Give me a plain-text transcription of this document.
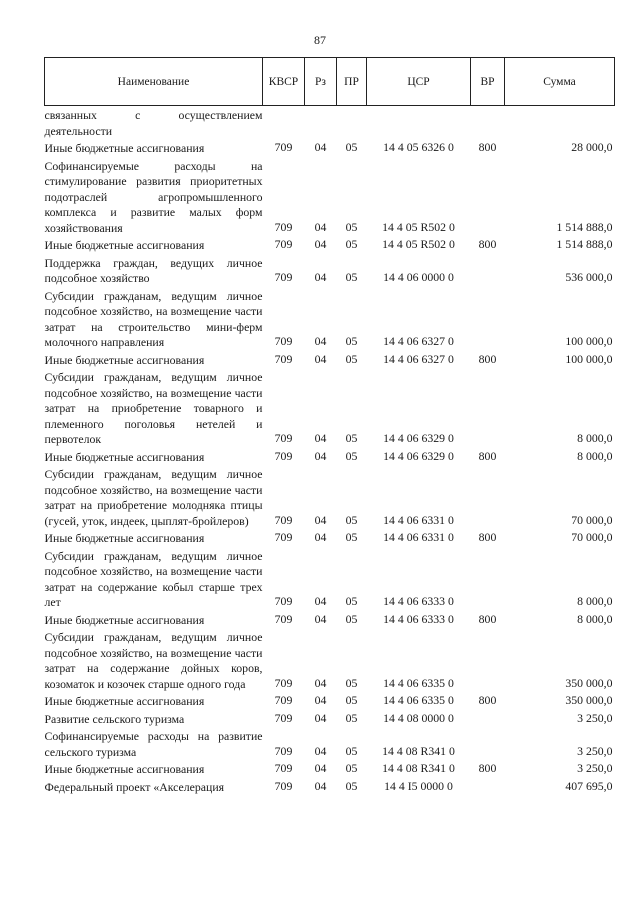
87
Наименование	КВСР	Рз	ПР	ЦСР	ВР	Сумма

связанных с осуществлением деятельности						

Иные бюджетные ассигнования	709	04	05	14 4 05 6326 0	800	28 000,0

Софинансируемые расходы на стимулирование развития приоритетных подотраслей агропромышленного комплекса и развитие малых форм хозяйствования	709	04	05	14 4 05 R502 0		1 514 888,0

Иные бюджетные ассигнования	709	04	05	14 4 05 R502 0	800	1 514 888,0

Поддержка граждан, ведущих личное подсобное хозяйство	709	04	05	14 4 06 0000 0		536 000,0

Субсидии гражданам, ведущим личное подсобное хозяйство, на возмещение части затрат на строительство мини-ферм молочного направления	709	04	05	14 4 06 6327 0		100 000,0

Иные бюджетные ассигнования	709	04	05	14 4 06 6327 0	800	100 000,0

Субсидии гражданам, ведущим личное подсобное хозяйство, на возмещение части затрат на приобретение товарного и племенного поголовья нетелей и первотелок	709	04	05	14 4 06 6329 0		8 000,0

Иные бюджетные ассигнования	709	04	05	14 4 06 6329 0	800	8 000,0

Субсидии гражданам, ведущим личное подсобное хозяйство, на возмещение части затрат на приобретение молодняка птицы (гусей, уток, индеек, цыплят-бройлеров)	709	04	05	14 4 06 6331 0		70 000,0

Иные бюджетные ассигнования	709	04	05	14 4 06 6331 0	800	70 000,0

Субсидии гражданам, ведущим личное подсобное хозяйство, на возмещение части затрат на содержание кобыл старше трех лет	709	04	05	14 4 06 6333 0		8 000,0

Иные бюджетные ассигнования	709	04	05	14 4 06 6333 0	800	8 000,0

Субсидии гражданам, ведущим личное подсобное хозяйство, на возмещение части затрат на содержание дойных коров, козоматок и козочек старше одного года	709	04	05	14 4 06 6335 0		350 000,0

Иные бюджетные ассигнования	709	04	05	14 4 06 6335 0	800	350 000,0

Развитие сельского туризма	709	04	05	14 4 08 0000 0		3 250,0

Софинансируемые расходы на развитие сельского туризма	709	04	05	14 4 08 R341 0		3 250,0

Иные бюджетные ассигнования	709	04	05	14 4 08 R341 0	800	3 250,0

Федеральный проект «Акселерация	709	04	05	14 4 I5 0000 0		407 695,0
